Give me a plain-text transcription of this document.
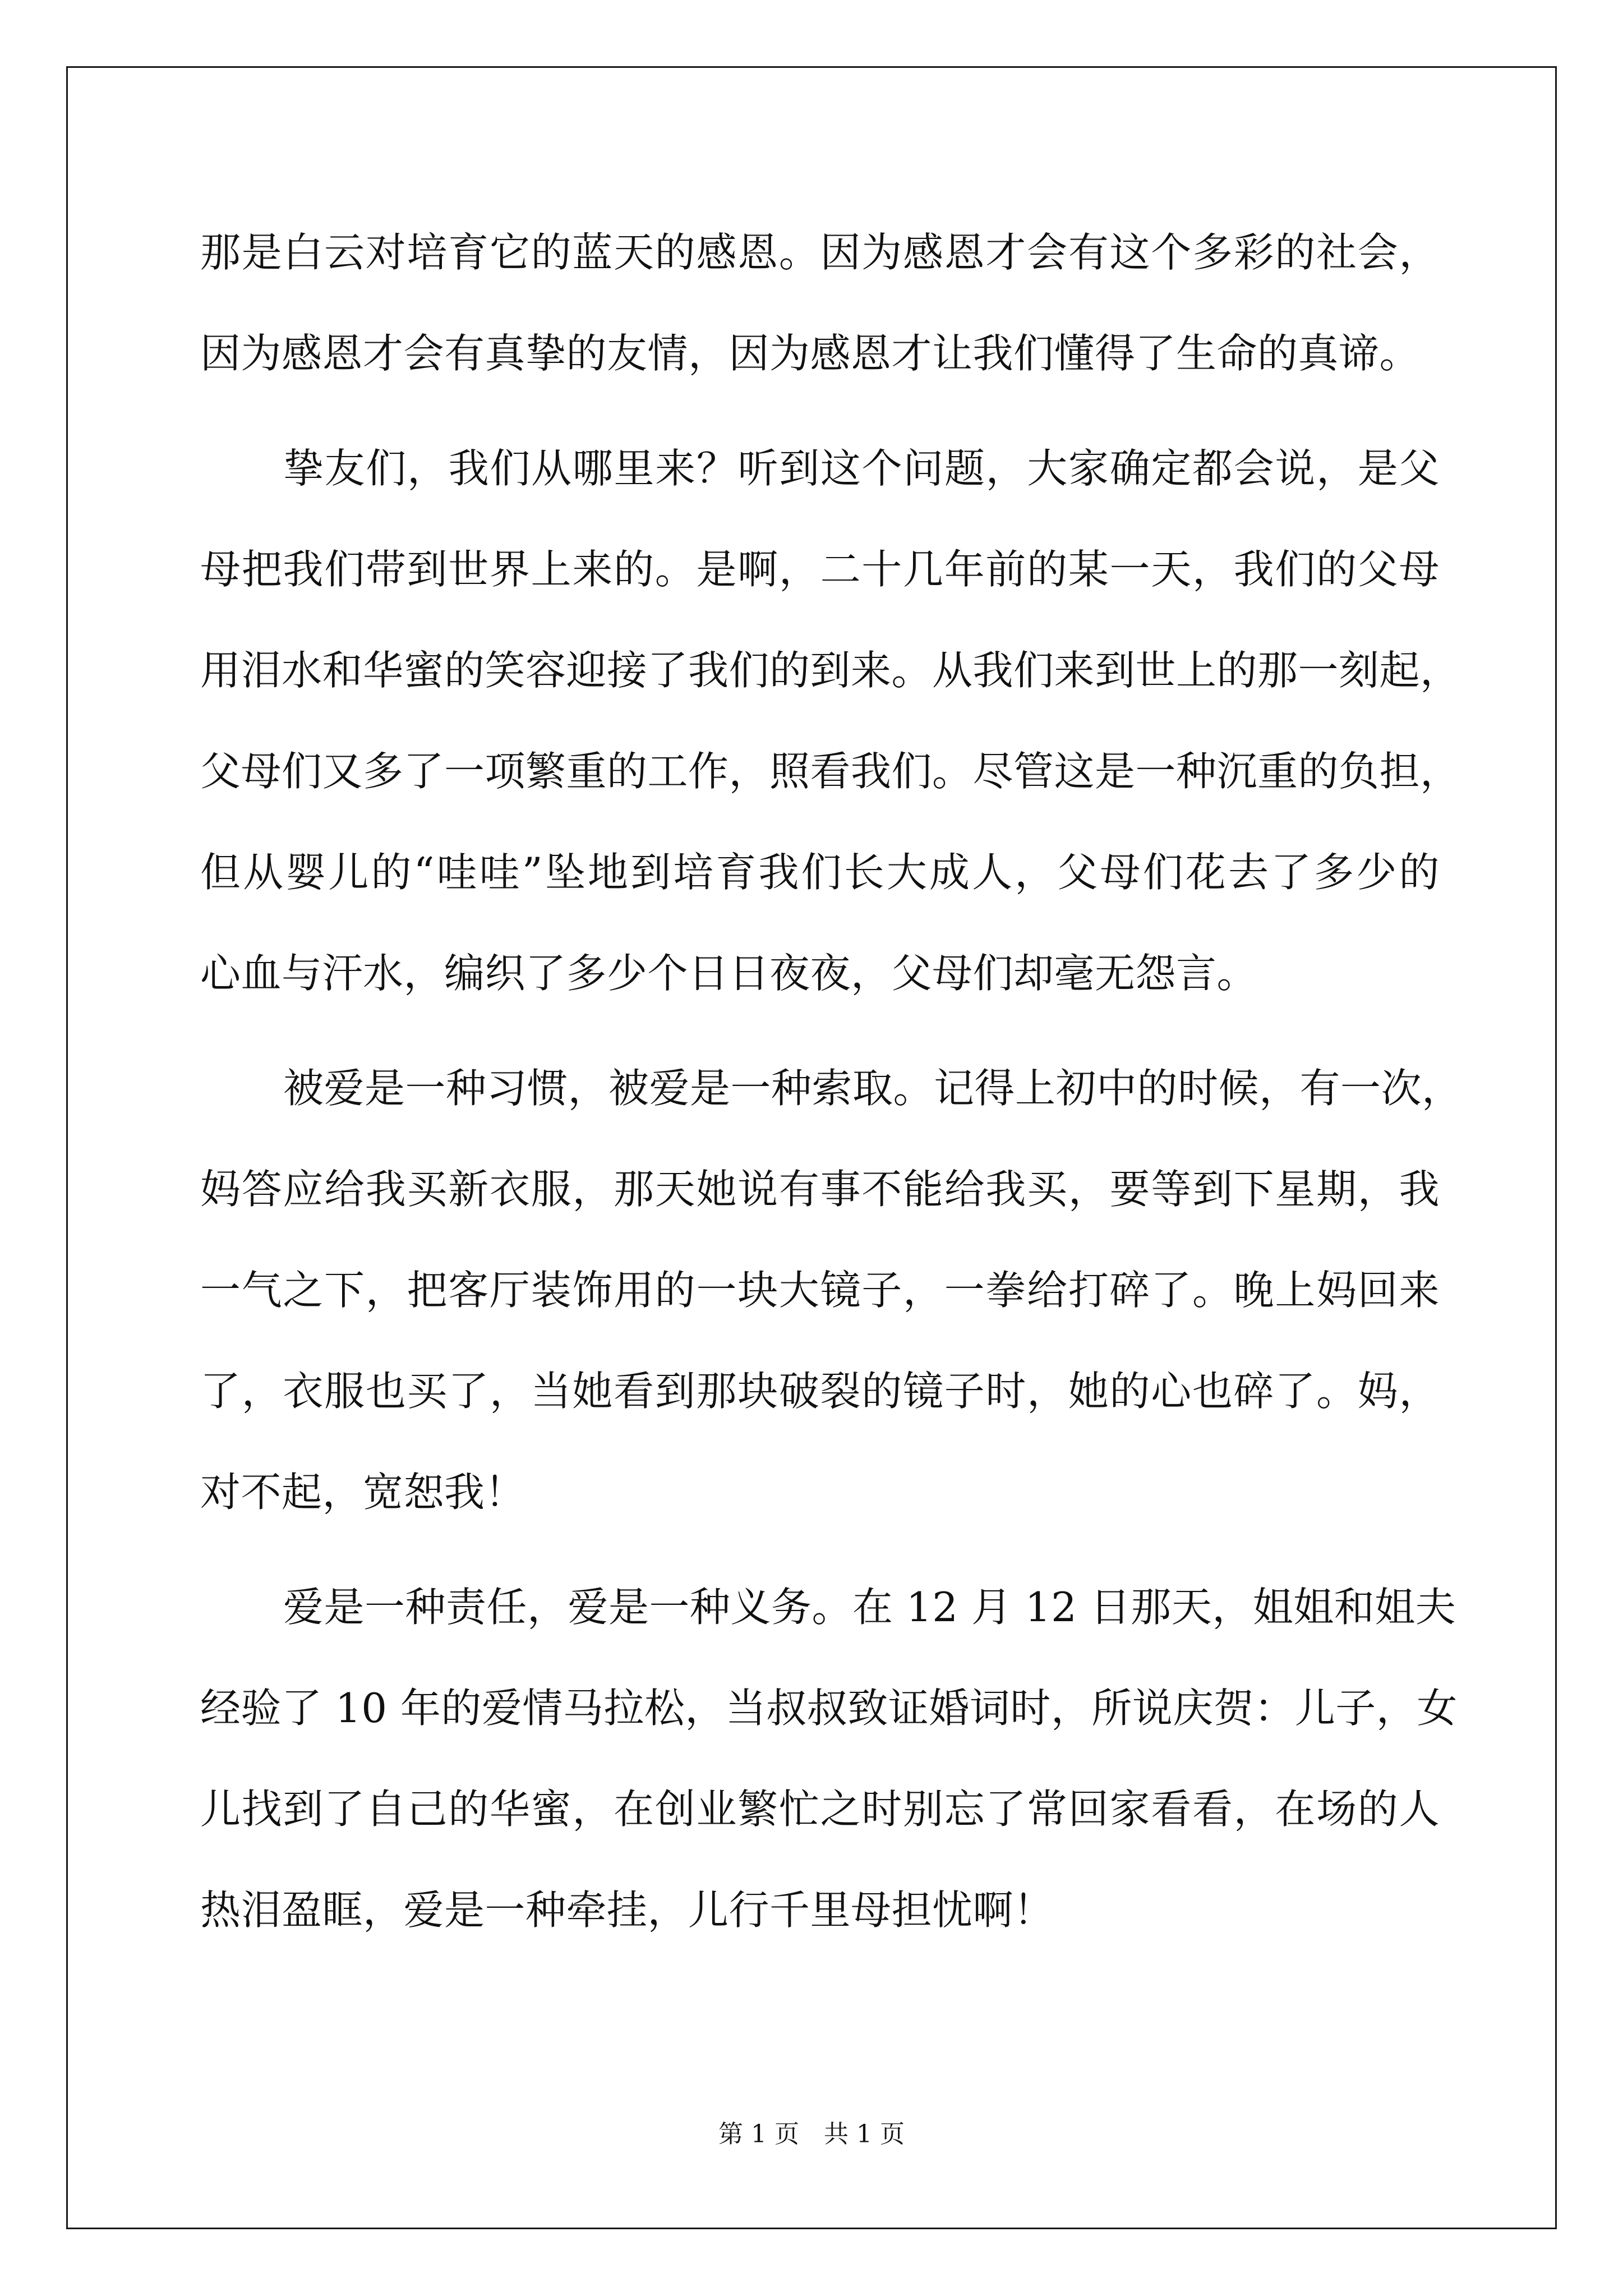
那是白云对培育它的蓝天的感恩。因为感恩才会有这个多彩的社会，
因为感恩才会有真挚的友情，因为感恩才让我们懂得了生命的真谛。
挚友们，我们从哪里来？听到这个问题，大家确定都会说，是父
母把我们带到世界上来的。是啊，二十几年前的某一天，我们的父母
用泪水和华蜜的笑容迎接了我们的到来。从我们来到世上的那一刻起，
父母们又多了一项繁重的工作，照看我们。尽管这是一种沉重的负担，
但从婴儿的“哇哇”坠地到培育我们长大成人，父母们花去了多少的
心血与汗水，编织了多少个日日夜夜，父母们却毫无怨言。
被爱是一种习惯，被爱是一种索取。记得上初中的时候，有一次，
妈答应给我买新衣服，那天她说有事不能给我买，要等到下星期，我
一气之下，把客厅装饰用的一块大镜子，一拳给打碎了。晚上妈回来
了，衣服也买了，当她看到那块破裂的镜子时，她的心也碎了。妈，
对不起，宽恕我！
爱是一种责任，爱是一种义务。在 12 月 12 日那天，姐姐和姐夫
经验了 10 年的爱情马拉松，当叔叔致证婚词时，所说庆贺：儿子，女
儿找到了自己的华蜜，在创业繁忙之时别忘了常回家看看，在场的人
热泪盈眶，爱是一种牵挂，儿行千里母担忧啊！
第 1 页 共 1 页
